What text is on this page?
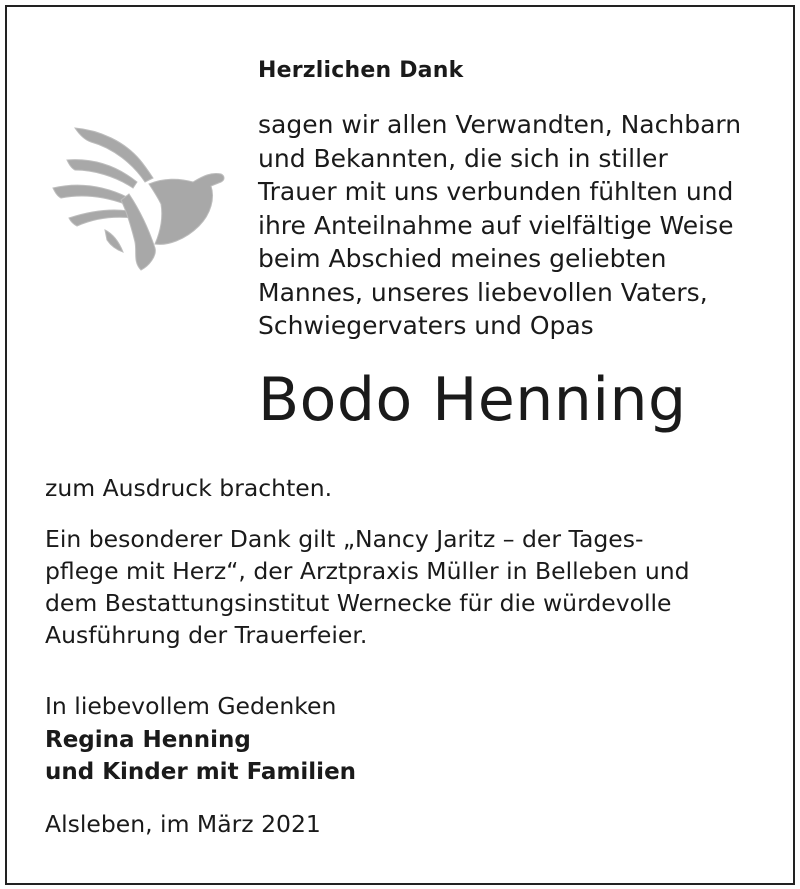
Herzlichen Dank

sagen wir allen Verwandten, Nachbarn
und Bekannten, die sich in stiller
Trauer mit uns verbunden fühlten und
ihre Anteilnahme auf vielfältige Weise
beim Abschied meines geliebten
Mannes, unseres liebevollen Vaters,
Schwiegervaters und Opas

Bodo Henning

zum Ausdruck brachten.

Ein besonderer Dank gilt „Nancy Jaritz – der Tages-
pflege mit Herz“, der Arztpraxis Müller in Belleben und
dem Bestattungsinstitut Wernecke für die würdevolle
Ausführung der Trauerfeier.

In liebevollem Gedenken

Regina Henning
und Kinder mit Familien

Alsleben, im März 2021
